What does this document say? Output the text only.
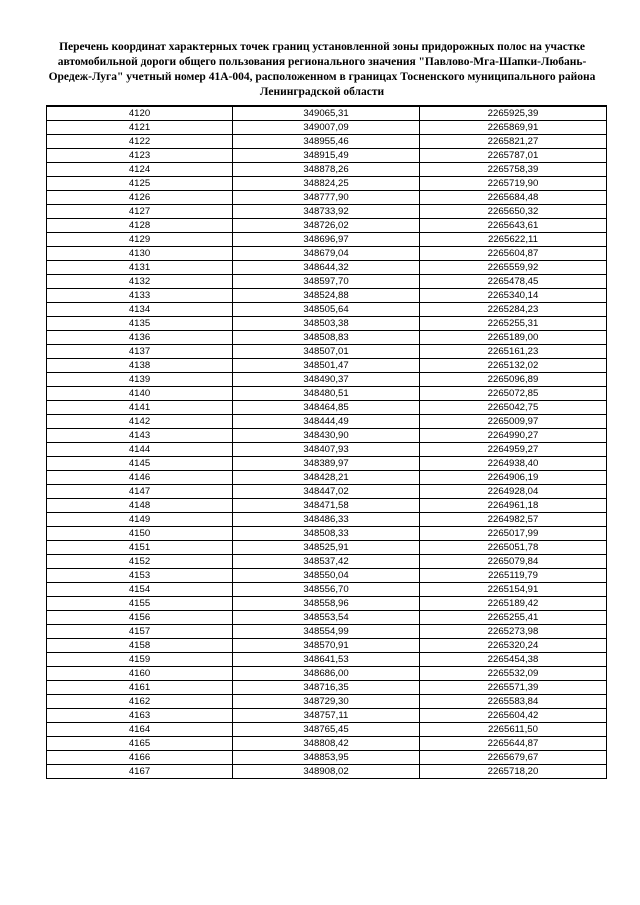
Перечень координат характерных точек границ установленной зоны придорожных полос на участке автомобильной дороги общего пользования регионального значения "Павлово-Мга-Шапки-Любань-Оредеж-Луга" учетный номер 41А-004, расположенном в границах Тосненского муниципального района Ленинградской области
4120	349065,31	2265925,39
4121	349007,09	2265869,91
4122	348955,46	2265821,27
4123	348915,49	2265787,01
4124	348878,26	2265758,39
4125	348824,25	2265719,90
4126	348777,90	2265684,48
4127	348733,92	2265650,32
4128	348726,02	2265643,61
4129	348696,97	2265622,11
4130	348679,04	2265604,87
4131	348644,32	2265559,92
4132	348597,70	2265478,45
4133	348524,88	2265340,14
4134	348505,64	2265284,23
4135	348503,38	2265255,31
4136	348508,83	2265189,00
4137	348507,01	2265161,23
4138	348501,47	2265132,02
4139	348490,37	2265096,89
4140	348480,51	2265072,85
4141	348464,85	2265042,75
4142	348444,49	2265009,97
4143	348430,90	2264990,27
4144	348407,93	2264959,27
4145	348389,97	2264938,40
4146	348428,21	2264906,19
4147	348447,02	2264928,04
4148	348471,58	2264961,18
4149	348486,33	2264982,57
4150	348508,33	2265017,99
4151	348525,91	2265051,78
4152	348537,42	2265079,84
4153	348550,04	2265119,79
4154	348556,70	2265154,91
4155	348558,96	2265189,42
4156	348553,54	2265255,41
4157	348554,99	2265273,98
4158	348570,91	2265320,24
4159	348641,53	2265454,38
4160	348686,00	2265532,09
4161	348716,35	2265571,39
4162	348729,30	2265583,84
4163	348757,11	2265604,42
4164	348765,45	2265611,50
4165	348808,42	2265644,87
4166	348853,95	2265679,67
4167	348908,02	2265718,20
